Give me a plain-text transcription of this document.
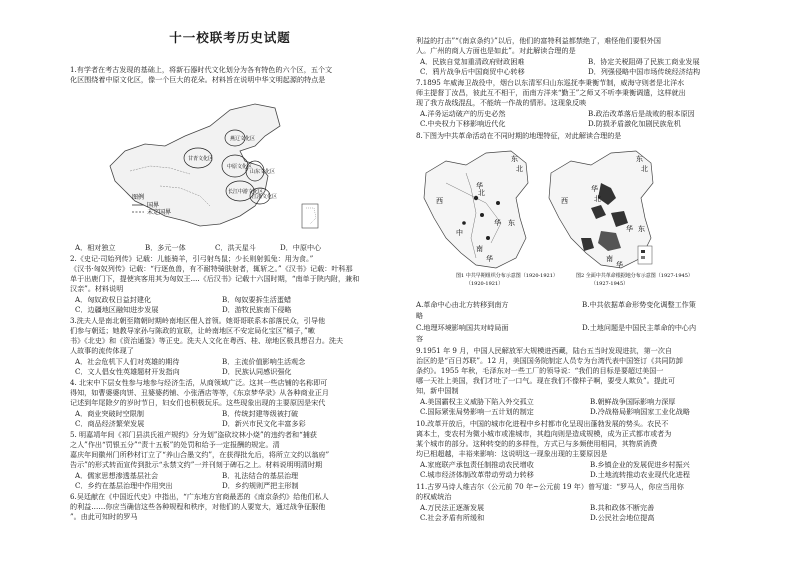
十一校联考历史试题
1.有学者在考古发现的基础上，将新石器时代文化划分为各有特色的六个区，五个文
化区围绕着中原文化区，像一个巨大的花朵。材料旨在说明中华文明起源的特点是
燕辽文化区
甘青文化区
中原文化区
山东文化区
江浙文化区
长江中游文化区
图例
国界
未定国界
A．相对独立	B．多元一体	C．洪天星斗	D．中原中心
2.《史记·司始列传》记载：儿能骑羊，引弓射鸟鼠；少长则射狐兔：用为食。”
《汉书·匈奴列传》记载：“行逐鱼兽，有不耐特骑肤射者，辄斩之。”《汉书》记载：叶科那
单于出鹿门下，提使宾客用其为匈奴王....《后汉书》记载十六国时期，“南单于陕内附，兼和
汉亲”。材料说明
A．匈奴政权日益封建化	B．匈奴要拆生活蛋蜡
C．边疆地区融知进步发展	D．游牧民族南下侵略
3.洗夫人是南北朝至隋朝时期岭南地区俚人首领。她哥哥联系本部落民众，引导他
们参与朝廷；她教导家孙与陈政的宣联，让岭南地区不安定局化宝区”稿子，”嗽
书》《北史》和《资治通鉴》等正史。洗夫人文化在粤西、桂、琼地区极具想召力。洗夫
人故事的流传体现了
A．社会危机下人们对英雄的期待	B．主流价值影响生活观念
C．文人倡女性英雄题材开发指向	D．民族认同感识强化
4. 北宋中下层女性参与地参与经济生活，从商领域广泛。这其一些店铺的名称即可
得知，如曹婆婆肉饼、丑婆婆药铺、小张酒店等等，《东京梦华录》从各种商业正月
记述到年尾除夕的岁时节日，妇女们也积极玩乐。这些现象出现的主要原因是宋代
A．商业突破时空限制	B．传统封建等级被打破
C．商品经济繁荣发展	D．新兴市民文化丰富多彩
5. 明嘉靖年间《祁门县洪氏祖产规约》分为划”盗砍坟林小烧”的违约者和“捕获
之人”作出“罚银五分”“责十五板”的处罚和给予一定报酬的规定。清
嘉庆年间徽州门所秒材订立了“养山合墨文约”，在获得批允后，将所立文约以翁府”
告示”的形式转而宣传到批示“永禁文约”一并刊刻于碑石之上。材料说明明清时期
A．儒家思想渗透基层社会	B．礼法结合的基层治理
C．乡约在基层治理中作用突出	D．乡约规则严把主形制
6.吴廷献在《中国近代史》中指出，“广东地方官商最恶的《南京条约》给他们私人
的利益……你应当确信这些各种规程和秩序，对他们的人要宽大，通过战争征服他
”。由此可知时的罗马
利益的打击”“《南京条约》”以后，他们的富特利益都禁绝了，难怪他们要恨外国
人。广州的商人方面也是如此”。对此解读合理的是
A．民族自觉加重清政府财政困难	B．协定关税阻碍了民族工商业发展
C．鸦片战争后中国商贸中心转移	D．列强侵略中国市场传统经济结构
7.1895 年威海卫战役中，烟台以东清军归山东巡抚李秉衡节制，威海守则者是北洋水
师主提督丁汝昌，彼此互不相干，而南方洋来“勤王”之师又不听李秉衡调遣，这样就出
现了我方战线混乱，不能统一作战的情形。这现象反映
A.洋务运动破产的历史必然	B.政治改革落后是战败的根本原因
C.中央权力下移影响近代化	D.防损矛盾激化加剧民族危机
8.下图为中共革命活动在不同时期的地理特征，对此解读合理的是
东
北
华
北
西
华 东
南
华
中
图1 中共早期组织分布示意图（1920-1921）
（1920-1921）
东
北
华
北
西
华 东
南
华
图2 全面中共革命根据地分布示意图（1927-1945）
（1927-1945）
A.革命中心由北方转移到南方	B.中共依据革命形势变化调整工作策
略
C.地理环境影响国共对峙局面	D.土地问题是中国民主革命的中心内
容
9.1951 年 9 月，中国人民解放军大规模进西藏，陆台五当时发现进抗，第一次自
治区的是“百日苏联”。12 月，美国国务院制定人员专为台湾代表中国签订《共同防卸
条约》。1955 年秋，毛泽东对一些工厂的领导说：“我们的目标是要超过美国一
哪一天社上美国，我们才吐了一口气。现在我们不像样子啊，要受人欺负”。提此可
知，新中国制
A.美国霸权主义威胁下陷入外交孤立	B.朝鲜战争国际影响力深厚
C.国际紧张局势影响一五计划的制定	D.冷战格局影响国家工业化战略
10.改革开放后，中国的城市化进程中乡村都市化呈现出蓬勃发展的势头。农民不
离本土，变农村为微小城市或准城市，其趋向则是造成规模，成为正式都市或者为
某个城市的部分。这种转变的的多样性，方式已与多频使用相同，其物质消费
均已相超越，丰裕来影响：这说明这一现象出现的主要原因是
A.家庭联产承包责任制推动农民增收	B.乡镇企业的发展促进乡村振兴
C.城市经济体制改革带动劳动力转移	D.土地流转推动农业现代化进程
11.古罗马诗人维吉尔（公元前 70 年~公元前 19 年）曾写道：“罗马人，你应当用你
的权威统治
A.万民法正逐渐发展	B.共和政体不断完善
C.社会矛盾有所缓和	D.公民社会地位提高
